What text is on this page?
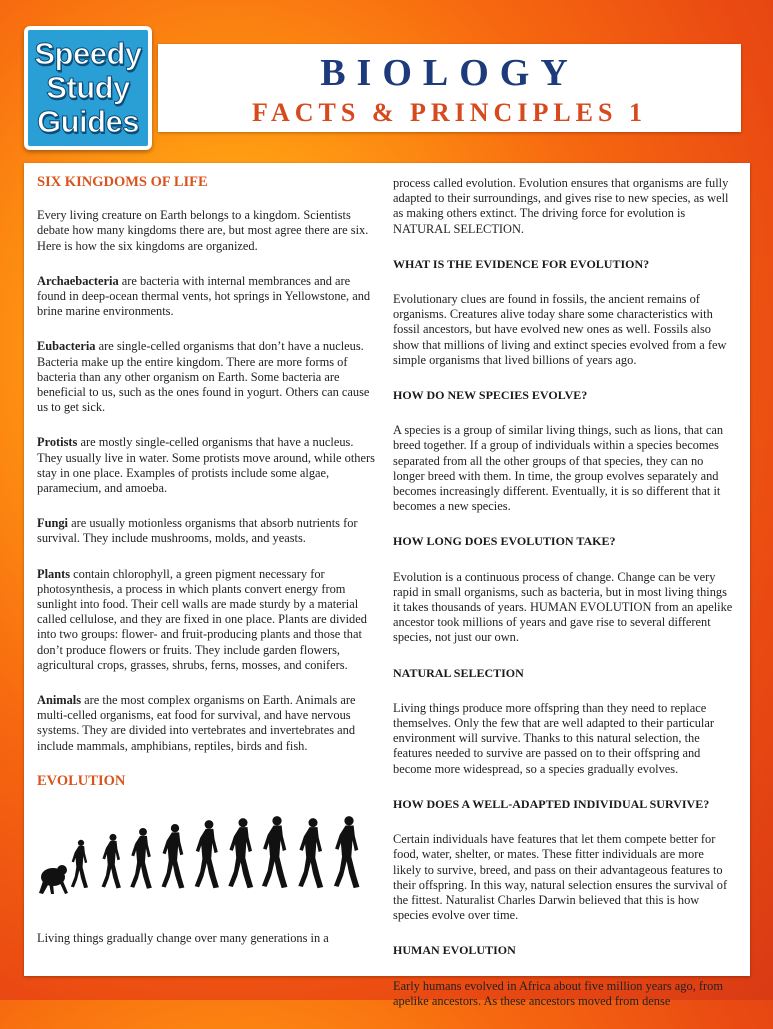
Speedy
Study
Guides
BIOLOGY
FACTS & PRINCIPLES 1
SIX KINGDOMS OF LIFE

Every living creature on Earth belongs to a kingdom. Scientists debate how many kingdoms there are, but most agree there are six. Here is how the six kingdoms are organized.

Archaebacteria are bacteria with internal membrances and are found in deep-ocean thermal vents, hot springs in Yellowstone, and brine marine environments.

Eubacteria are single-celled organisms that don’t have a nucleus. Bacteria make up the entire kingdom. There are more forms of bacteria than any other organism on Earth. Some bacteria are beneficial to us, such as the ones found in yogurt. Others can cause us to get sick.

Protists are mostly single-celled organisms that have a nucleus. They usually live in water. Some protists move around, while others stay in one place. Examples of protists include some algae, paramecium, and amoeba.

Fungi are usually motionless organisms that absorb nutrients for survival. They include mushrooms, molds, and yeasts.

Plants contain chlorophyll, a green pigment necessary for photosynthesis, a process in which plants convert energy from sunlight into food. Their cell walls are made sturdy by a material called cellulose, and they are fixed in one place. Plants are divided into two groups: flower- and fruit-producing plants and those that don’t produce flowers or fruits. They include garden flowers, agricultural crops, grasses, shrubs, ferns, mosses, and conifers.

Animals are the most complex organisms on Earth. Animals are multi-celled organisms, eat food for survival, and have nervous systems. They are divided into vertebrates and invertebrates and include mammals, amphibians, reptiles, birds and fish.

EVOLUTION

Living things gradually change over many generations in a

process called evolution. Evolution ensures that organisms are fully adapted to their surroundings, and gives rise to new species, as well as making others extinct. The driving force for evolution is NATURAL SELECTION.

WHAT IS THE EVIDENCE FOR EVOLUTION?

Evolutionary clues are found in fossils, the ancient remains of organisms. Creatures alive today share some characteristics with fossil ancestors, but have evolved new ones as well. Fossils also show that millions of living and extinct species evolved from a few simple organisms that lived billions of years ago.

HOW DO NEW SPECIES EVOLVE?

A species is a group of similar living things, such as lions, that can breed together. If a group of individuals within a species becomes separated from all the other groups of that species, they can no longer breed with them. In time, the group evolves separately and becomes increasingly different. Eventually, it is so different that it becomes a new species.

HOW LONG DOES EVOLUTION TAKE?

Evolution is a continuous process of change. Change can be very rapid in small organisms, such as bacteria, but in most living things it takes thousands of years. HUMAN EVOLUTION from an apelike ancestor took millions of years and gave rise to several different species, not just our own.

NATURAL SELECTION

Living things produce more offspring than they need to replace themselves. Only the few that are well adapted to their particular environment will survive. Thanks to this natural selection, the features needed to survive are passed on to their offspring and become more widespread, so a species gradually evolves.

HOW DOES A WELL-ADAPTED INDIVIDUAL SURVIVE?

Certain individuals have features that let them compete better for food, water, shelter, or mates. These fitter individuals are more likely to survive, breed, and pass on their advantageous features to their offspring. In this way, natural selection ensures the survival of the fittest. Naturalist Charles Darwin believed that this is how species evolve over time.

HUMAN EVOLUTION

Early humans evolved in Africa about five million years ago, from apelike ancestors. As these ancestors moved from dense
